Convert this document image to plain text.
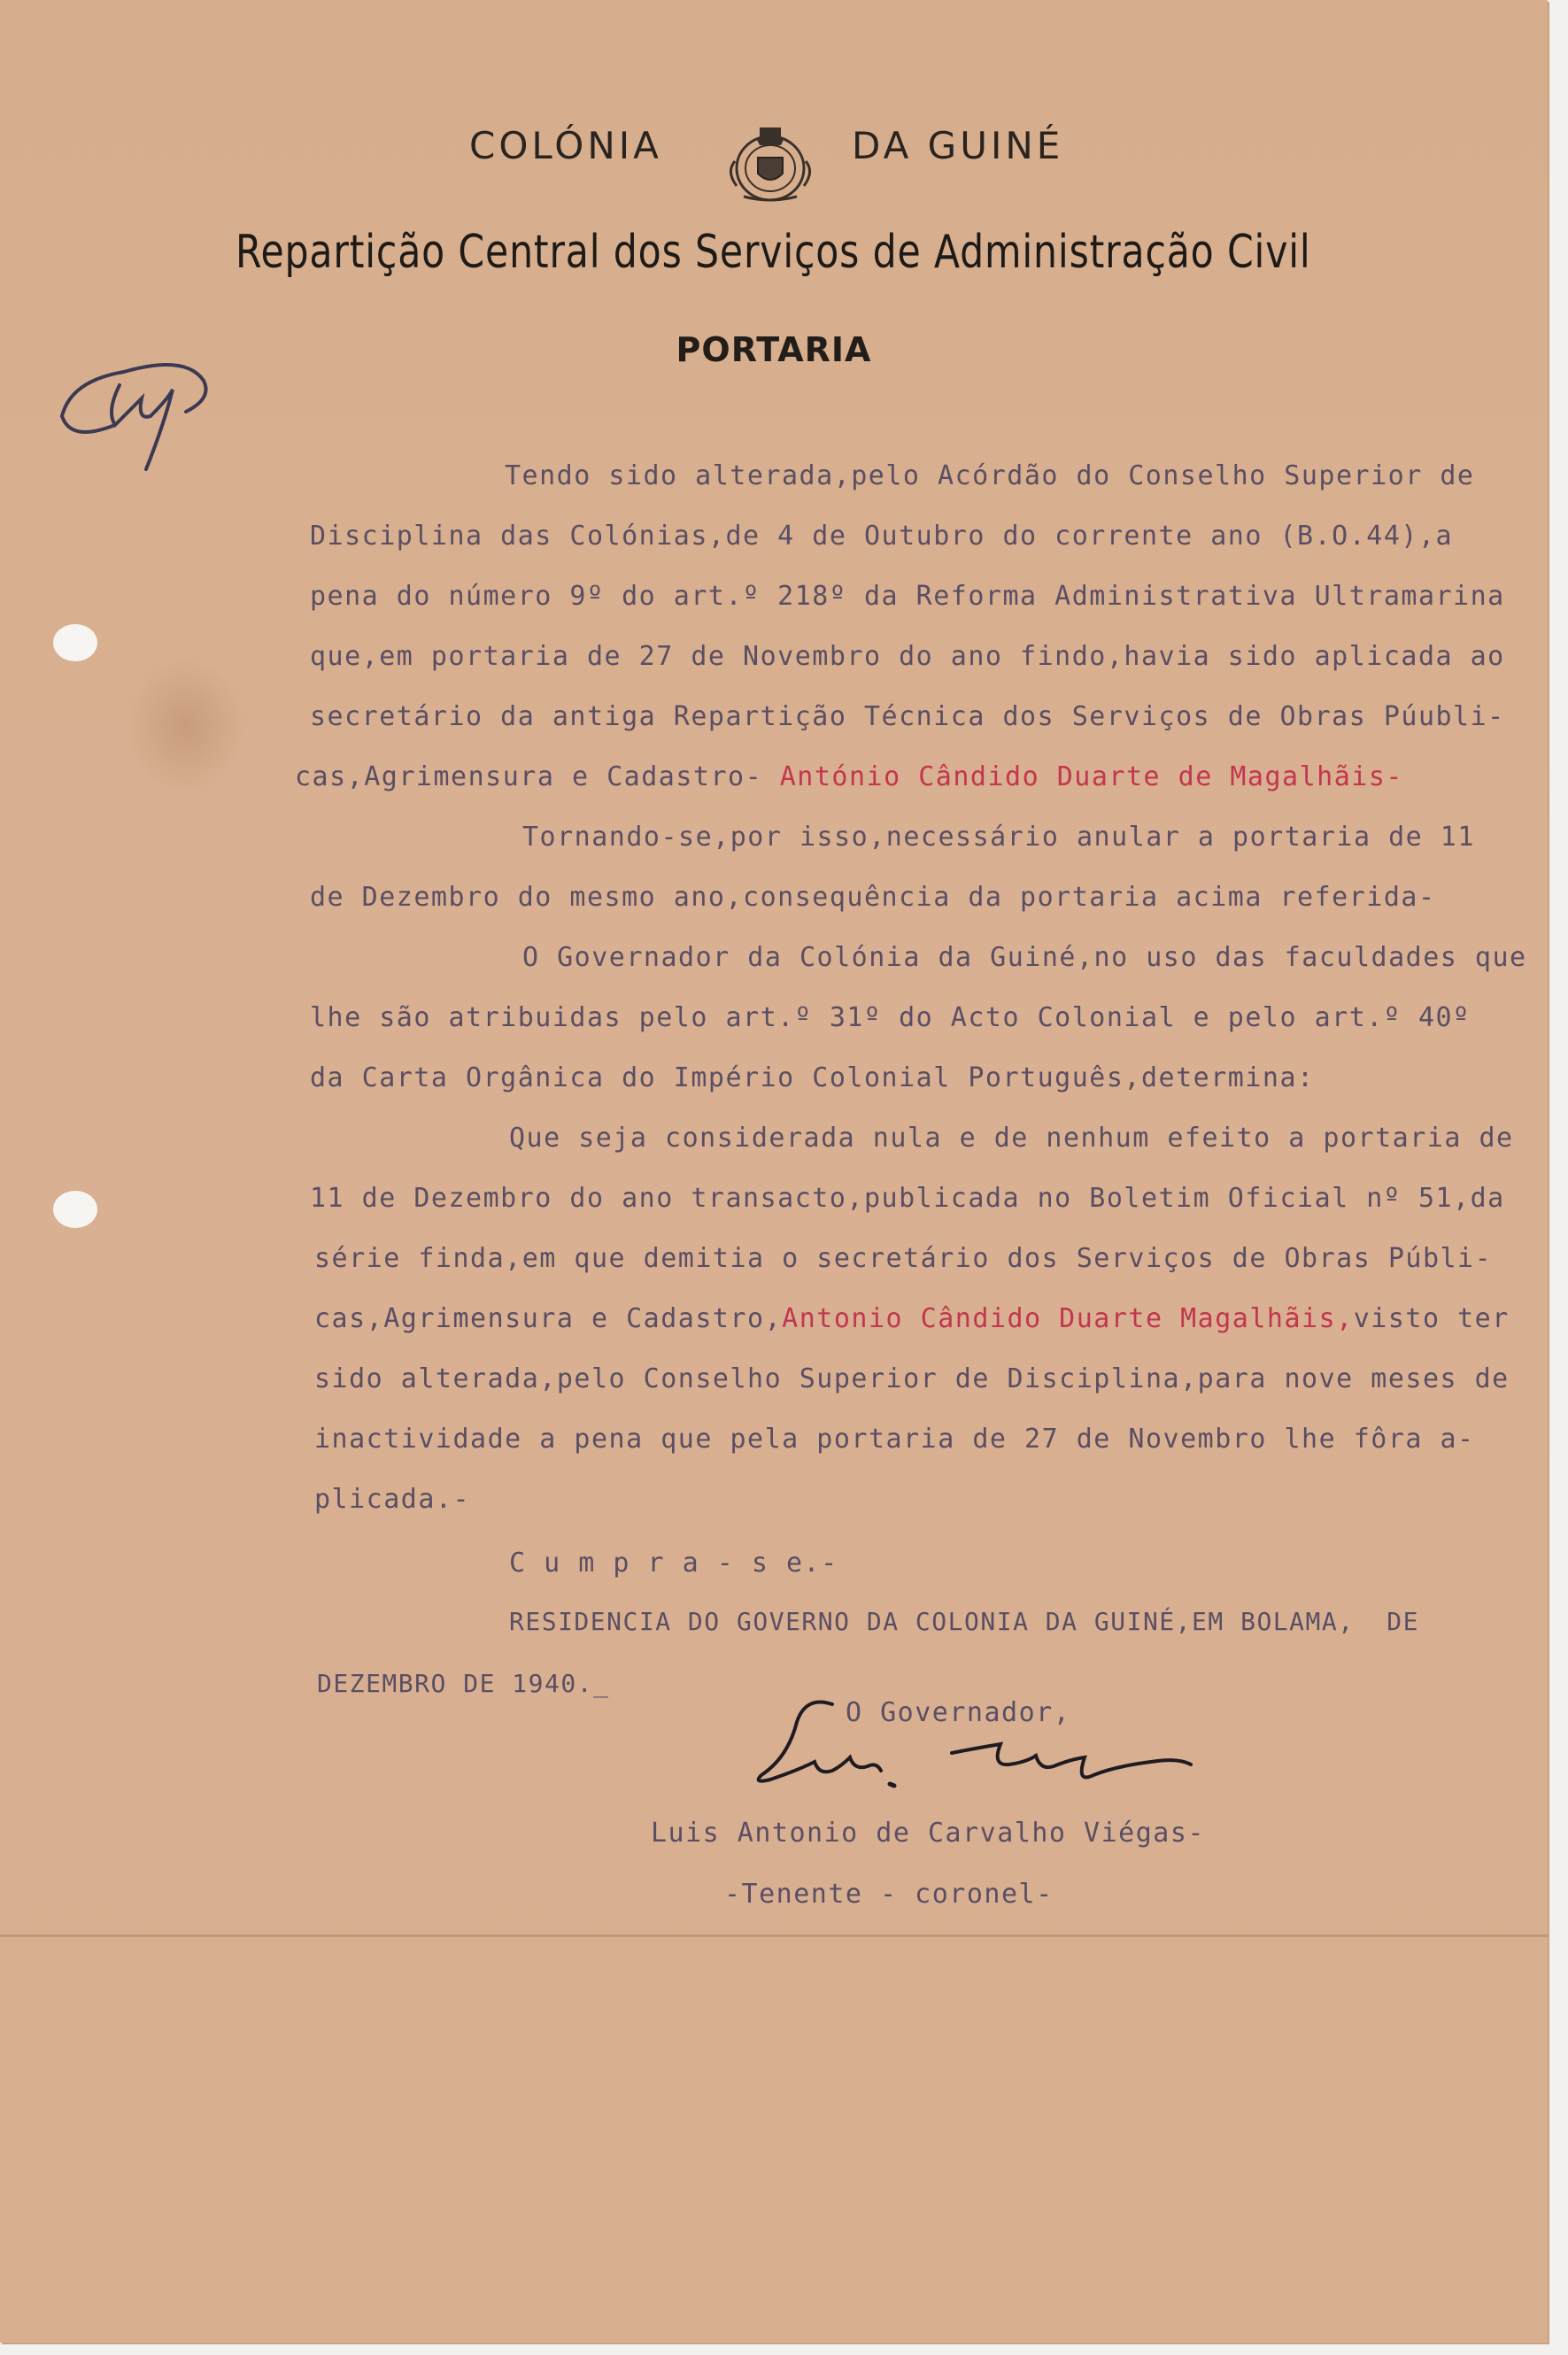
COLÓNIA	DA GUINÉ
Repartição Central dos Serviços de Administração Civil
PORTARIA
Tendo sido alterada,pelo Acórdão do Conselho Superior de
Disciplina das Colónias,de 4 de Outubro do corrente ano (B.O.44),a
pena do número 9º do art.º 218º da Reforma Administrativa Ultramarina
que,em portaria de 27 de Novembro do ano findo,havia sido aplicada ao
secretário da antiga Repartição Técnica dos Serviços de Obras Púubli-
cas,Agrimensura e Cadastro- António Cândido Duarte de Magalhãis-
Tornando-se,por isso,necessário anular a portaria de 11
de Dezembro do mesmo ano,consequência da portaria acima referida-
O Governador da Colónia da Guiné,no uso das faculdades que
lhe são atribuidas pelo art.º 31º do Acto Colonial e pelo art.º 40º
da Carta Orgânica do Império Colonial Português,determina:
Que seja considerada nula e de nenhum efeito a portaria de
11 de Dezembro do ano transacto,publicada no Boletim Oficial nº 51,da
série finda,em que demitia o secretário dos Serviços de Obras Públi-
cas,Agrimensura e Cadastro,Antonio Cândido Duarte Magalhãis,visto ter
sido alterada,pelo Conselho Superior de Disciplina,para nove meses de
inactividade a pena que pela portaria de 27 de Novembro lhe fôra a-
plicada.-
C u m p r a - s e.-
RESIDENCIA DO GOVERNO DA COLONIA DA GUINÉ,EM BOLAMA,  DE
DEZEMBRO DE 1940._
O Governador,
Luis Antonio de Carvalho Viégas-
-Tenente - coronel-
